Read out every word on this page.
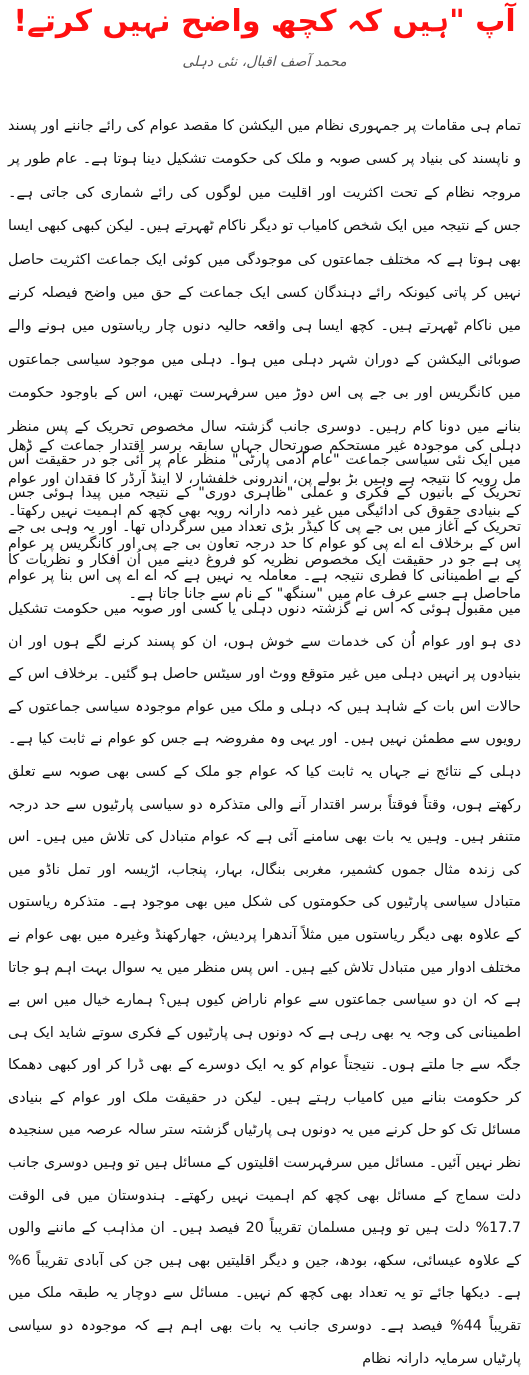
آپ "ہیں کہ کچھ واضح نہیں کرتے!
محمد آصف اقبال، نئی دہلی

تمام ہی مقامات پر جمہوری نظام میں الیکشن کا مقصد عوام کی رائے جاننے اور پسند و ناپسند کی بنیاد پر کسی صوبہ و ملک کی حکومت تشکیل دینا ہوتا ہے۔ عام طور پر مروجہ نظام کے تحت اکثریت اور اقلیت میں لوگوں کی رائے شماری کی جاتی ہے۔ جس کے نتیجہ میں ایک شخص کامیاب تو دیگر ناکام ٹھہرتے ہیں۔ لیکن کبھی کبھی ایسا بھی ہوتا ہے کہ مختلف جماعتوں کی موجودگی میں کوئی ایک جماعت اکثریت حاصل نہیں کر پاتی کیونکہ رائے دہندگان کسی ایک جماعت کے حق میں واضح فیصلہ کرنے میں ناکام ٹھہرتے ہیں۔ کچھ ایسا ہی واقعہ حالیہ دنوں چار ریاستوں میں ہونے والے صوبائی الیکشن کے دوران شہر دہلی میں ہوا۔ دہلی میں موجود سیاسی جماعتوں میں کانگریس اور بی جے پی اس دوڑ میں سرفہرست تھیں، اس کے باوجود حکومت بنانے میں دونا کام رہیں۔ دوسری جانب گزشتہ سال مخصوص تحریک کے پس منظر میں ایک نئی سیاسی جماعت "عام آدمی پارٹی" منظر عام پر آئی جو در حقیقت اُس تحریک کے بانیوں کے فکری و عملی "ظاہری دوری" کے نتیجہ میں پیدا ہوئی جس تحریک کے آغاز میں بی جے پی کا کیڈر بڑی تعداد میں سرگرداں تھا۔ اور یہ وہی بی جے پی ہے جو در حقیقت ایک مخصوص نظریہ کو فروغ دینے میں اُن افکار و نظریات کا ماحاصل ہے جسے عرف عام میں "سنگھ" کے نام سے جانا جاتا ہے۔

دہلی کی موجودہ غیر مستحکم صورتحال جہاں سابقہ برسر اقتدار جماعت کے ڈھل مل رویہ کا نتیجہ ہے وہیں بڑ بولے پن، اندرونی خلفشار، لا اینڈ آرڈر کا فقدان اور عوام کے بنیادی حقوق کی ادائیگی میں غیر ذمہ دارانہ رویہ بھی کچھ کم اہمیت نہیں رکھتا۔ اس کے برخلاف اے اے پی کو عوام کا حد درجہ تعاون بی جے پی اور کانگریس پر عوام کے بے اطمینانی کا فطری نتیجہ ہے۔ معاملہ یہ نہیں ہے کہ اے اے پی اس بنا پر عوام میں مقبول ہوئی کہ اس نے گزشتہ دنوں دہلی یا کسی اور صوبہ میں حکومت تشکیل دی ہو اور عوام اُن کی خدمات سے خوش ہوں، ان کو پسند کرنے لگے ہوں اور ان بنیادوں پر انہیں دہلی میں غیر متوقع ووٹ اور سیٹس حاصل ہو گئیں۔ برخلاف اس کے حالات اس بات کے شاہد ہیں کہ دہلی و ملک میں عوام موجودہ سیاسی جماعتوں کے رویوں سے مطمئن نہیں ہیں۔ اور یہی وہ مفروضہ ہے جس کو عوام نے ثابت کیا ہے۔ دہلی کے نتائج نے جہاں یہ ثابت کیا کہ عوام جو ملک کے کسی بھی صوبہ سے تعلق رکھتے ہوں، وقتاً فوقتاً برسر اقتدار آنے والی متذکرہ دو سیاسی پارٹیوں سے حد درجہ متنفر ہیں۔ وہیں یہ بات بھی سامنے آئی ہے کہ عوام متبادل کی تلاش میں ہیں۔ اس کی زندہ مثال جموں کشمیر، مغربی بنگال، بہار، پنجاب، اڑیسہ اور تمل ناڈو میں متبادل سیاسی پارٹیوں کی حکومتوں کی شکل میں بھی موجود ہے۔ متذکرہ ریاستوں کے علاوہ بھی دیگر ریاستوں میں مثلاً آندھرا پردیش، جھارکھنڈ وغیرہ میں بھی عوام نے مختلف ادوار میں متبادل تلاش کیے ہیں۔ اس پس منظر میں یہ سوال بہت اہم ہو جاتا ہے کہ ان دو سیاسی جماعتوں سے عوام ناراض کیوں ہیں؟ ہمارے خیال میں اس بے اطمینانی کی وجہ یہ بھی رہی ہے کہ دونوں ہی پارٹیوں کے فکری سوتے شاید ایک ہی جگہ سے جا ملتے ہوں۔ نتیجتاً عوام کو یہ ایک دوسرے کے بھی ڈرا کر اور کبھی دھمکا کر حکومت بنانے میں کامیاب رہتے ہیں۔ لیکن در حقیقت ملک اور عوام کے بنیادی مسائل تک کو حل کرنے میں یہ دونوں ہی پارٹیاں گزشتہ ستر سالہ عرصہ میں سنجیدہ نظر نہیں آئیں۔ مسائل میں سرفہرست اقلیتوں کے مسائل ہیں تو وہیں دوسری جانب دلت سماج کے مسائل بھی کچھ کم اہمیت نہیں رکھتے۔ ہندوستان میں فی الوقت 17.7% دلت ہیں تو وہیں مسلمان تقریباً 20 فیصد ہیں۔ ان مذاہب کے ماننے والوں کے علاوہ عیسائی، سکھ، بودھ، جین و دیگر اقلیتیں بھی ہیں جن کی آبادی تقریباً 6% ہے۔ دیکھا جائے تو یہ تعداد بھی کچھ کم نہیں۔ مسائل سے دوچار یہ طبقہ ملک میں تقریباً 44% فیصد ہے۔ دوسری جانب یہ بات بھی اہم ہے کہ موجودہ دو سیاسی پارٹیاں سرمایہ دارانہ نظام
